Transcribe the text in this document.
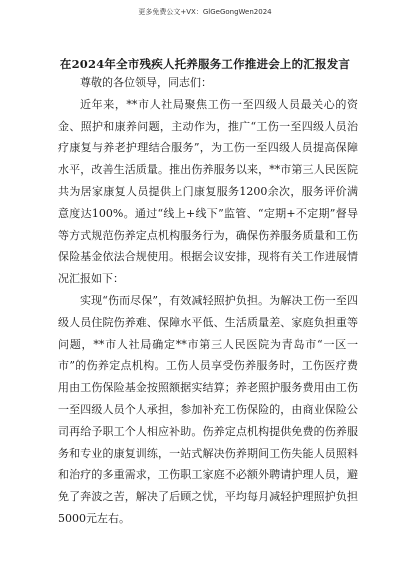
更多免费公文+VX：GlGeGongWen2024
在2024年全市残疾人托养服务工作推进会上的汇报发言

尊敬的各位领导，同志们：

近年来，**市人社局聚焦工伤一至四级人员最关心的资金、照护和康养问题，主动作为，推广“工伤一至四级人员治疗康复与养老护理结合服务”，为工伤一至四级人员提高保障水平，改善生活质量。推出伤养服务以来，**市第三人民医院共为居家康复人员提供上门康复服务1200余次，服务评价满意度达100%。通过“线上+线下”监管、“定期+不定期”督导等方式规范伤养定点机构服务行为，确保伤养服务质量和工伤保险基金依法合规使用。根据会议安排，现将有关工作进展情况汇报如下：

实现“伤而尽保”，有效减轻照护负担。为解决工伤一至四级人员住院伤养难、保障水平低、生活质量差、家庭负担重等问题，**市人社局确定**市第三人民医院为青岛市“一区一市”的伤养定点机构。工伤人员享受伤养服务时，工伤医疗费用由工伤保险基金按照额据实结算；养老照护服务费用由工伤一至四级人员个人承担，参加补充工伤保险的，由商业保险公司再给予职工个人相应补助。伤养定点机构提供免费的伤养服务和专业的康复训练，一站式解决伤养期间工伤失能人员照料和治疗的多重需求，工伤职工家庭不必额外聘请护理人员，避免了奔波之苦，解决了后顾之忧，平均每月减轻护理照护负担5000元左右。
